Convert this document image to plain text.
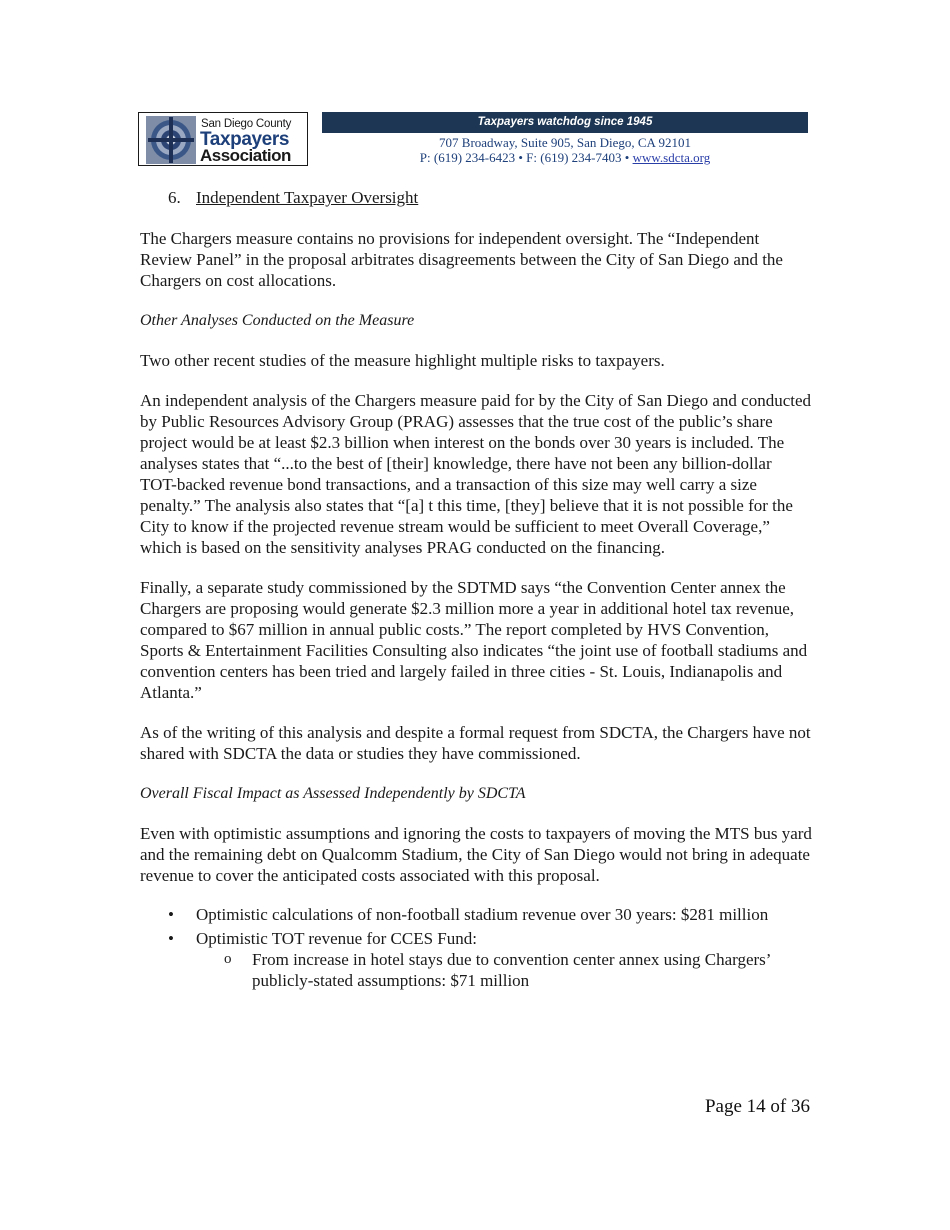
San Diego County
Taxpayers
Association
Taxpayers watchdog since 1945
707 Broadway, Suite 905, San Diego, CA 92101
P: (619) 234-6423 • F: (619) 234-7403 • www.sdcta.org
6. Independent Taxpayer Oversight

The Chargers measure contains no provisions for independent oversight. The “Independent Review Panel” in the proposal arbitrates disagreements between the City of San Diego and the Chargers on cost allocations.

Other Analyses Conducted on the Measure

Two other recent studies of the measure highlight multiple risks to taxpayers.

An independent analysis of the Chargers measure paid for by the City of San Diego and conducted by Public Resources Advisory Group (PRAG) assesses that the true cost of the public’s share project would be at least $2.3 billion when interest on the bonds over 30 years is included. The analyses states that “...to the best of [their] knowledge, there have not been any billion-dollar TOT-backed revenue bond transactions, and a transaction of this size may well carry a size penalty.” The analysis also states that “[a] t this time, [they] believe that it is not possible for the City to know if the projected revenue stream would be sufficient to meet Overall Coverage,” which is based on the sensitivity analyses PRAG conducted on the financing.

Finally, a separate study commissioned by the SDTMD says “the Convention Center annex the Chargers are proposing would generate $2.3 million more a year in additional hotel tax revenue, compared to $67 million in annual public costs.” The report completed by HVS Convention, Sports & Entertainment Facilities Consulting also indicates “the joint use of football stadiums and convention centers has been tried and largely failed in three cities - St. Louis, Indianapolis and Atlanta.”

As of the writing of this analysis and despite a formal request from SDCTA, the Chargers have not shared with SDCTA the data or studies they have commissioned.

Overall Fiscal Impact as Assessed Independently by SDCTA

Even with optimistic assumptions and ignoring the costs to taxpayers of moving the MTS bus yard and the remaining debt on Qualcomm Stadium, the City of San Diego would not bring in adequate revenue to cover the anticipated costs associated with this proposal.

• Optimistic calculations of non-football stadium revenue over 30 years: $281 million
• Optimistic TOT revenue for CCES Fund:
o From increase in hotel stays due to convention center annex using Chargers’ publicly-stated assumptions: $71 million
Page 14 of 36
